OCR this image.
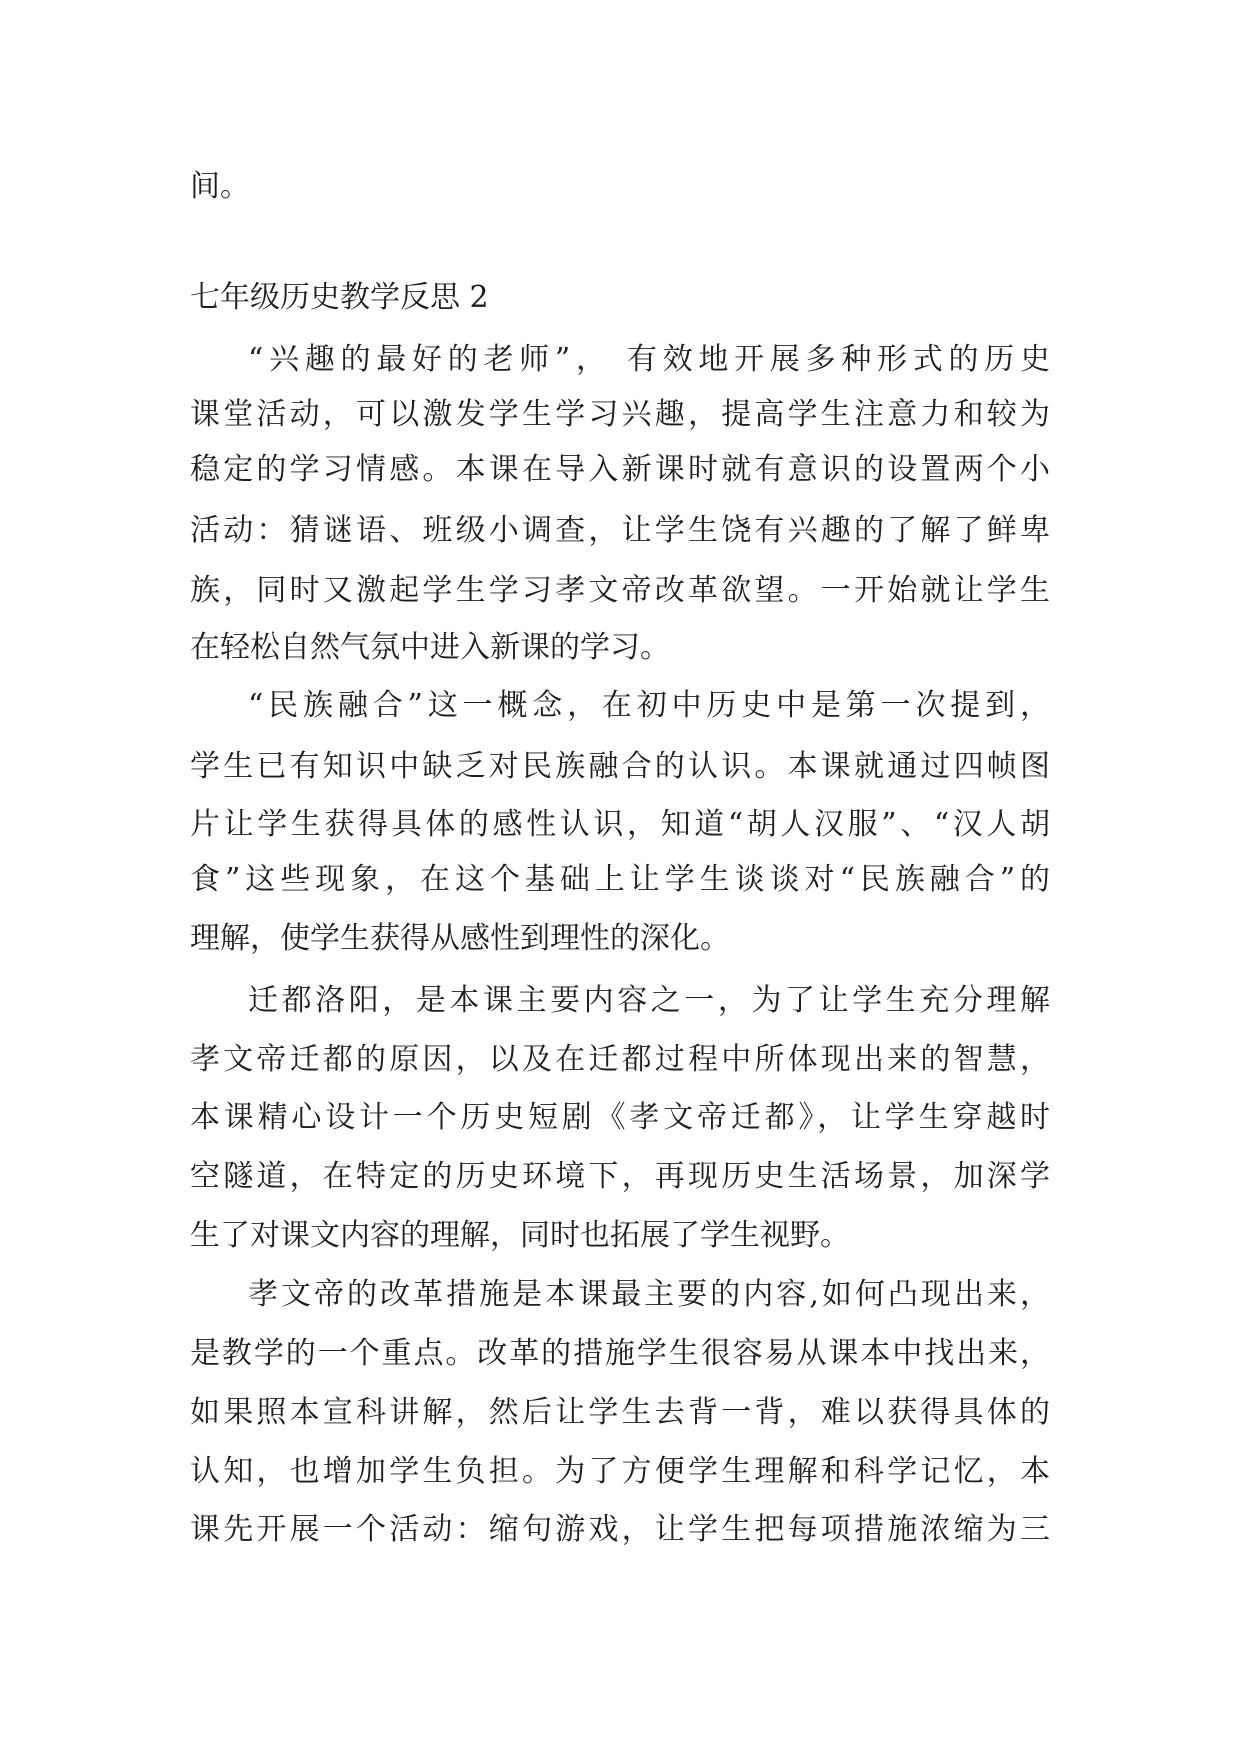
间。
七年级历史教学反思 2
“兴趣的最好的老师”， 有效地开展多种形式的历史
课堂活动，可以激发学生学习兴趣，提高学生注意力和较为
稳定的学习情感。本课在导入新课时就有意识的设置两个小
活动：猜谜语、班级小调查，让学生饶有兴趣的了解了鲜卑
族，同时又激起学生学习孝文帝改革欲望。一开始就让学生
在轻松自然气氛中进入新课的学习。
“民族融合”这一概念，在初中历史中是第一次提到，
学生已有知识中缺乏对民族融合的认识。本课就通过四帧图
片让学生获得具体的感性认识，知道“胡人汉服”、“汉人胡
食”这些现象，在这个基础上让学生谈谈对“民族融合”的
理解，使学生获得从感性到理性的深化。
迁都洛阳，是本课主要内容之一，为了让学生充分理解
孝文帝迁都的原因，以及在迁都过程中所体现出来的智慧，
本课精心设计一个历史短剧《孝文帝迁都》，让学生穿越时
空隧道，在特定的历史环境下，再现历史生活场景，加深学
生了对课文内容的理解，同时也拓展了学生视野。
孝文帝的改革措施是本课最主要的内容,如何凸现出来，
是教学的一个重点。改革的措施学生很容易从课本中找出来，
如果照本宣科讲解，然后让学生去背一背，难以获得具体的
认知，也增加学生负担。为了方便学生理解和科学记忆，本
课先开展一个活动：缩句游戏，让学生把每项措施浓缩为三
